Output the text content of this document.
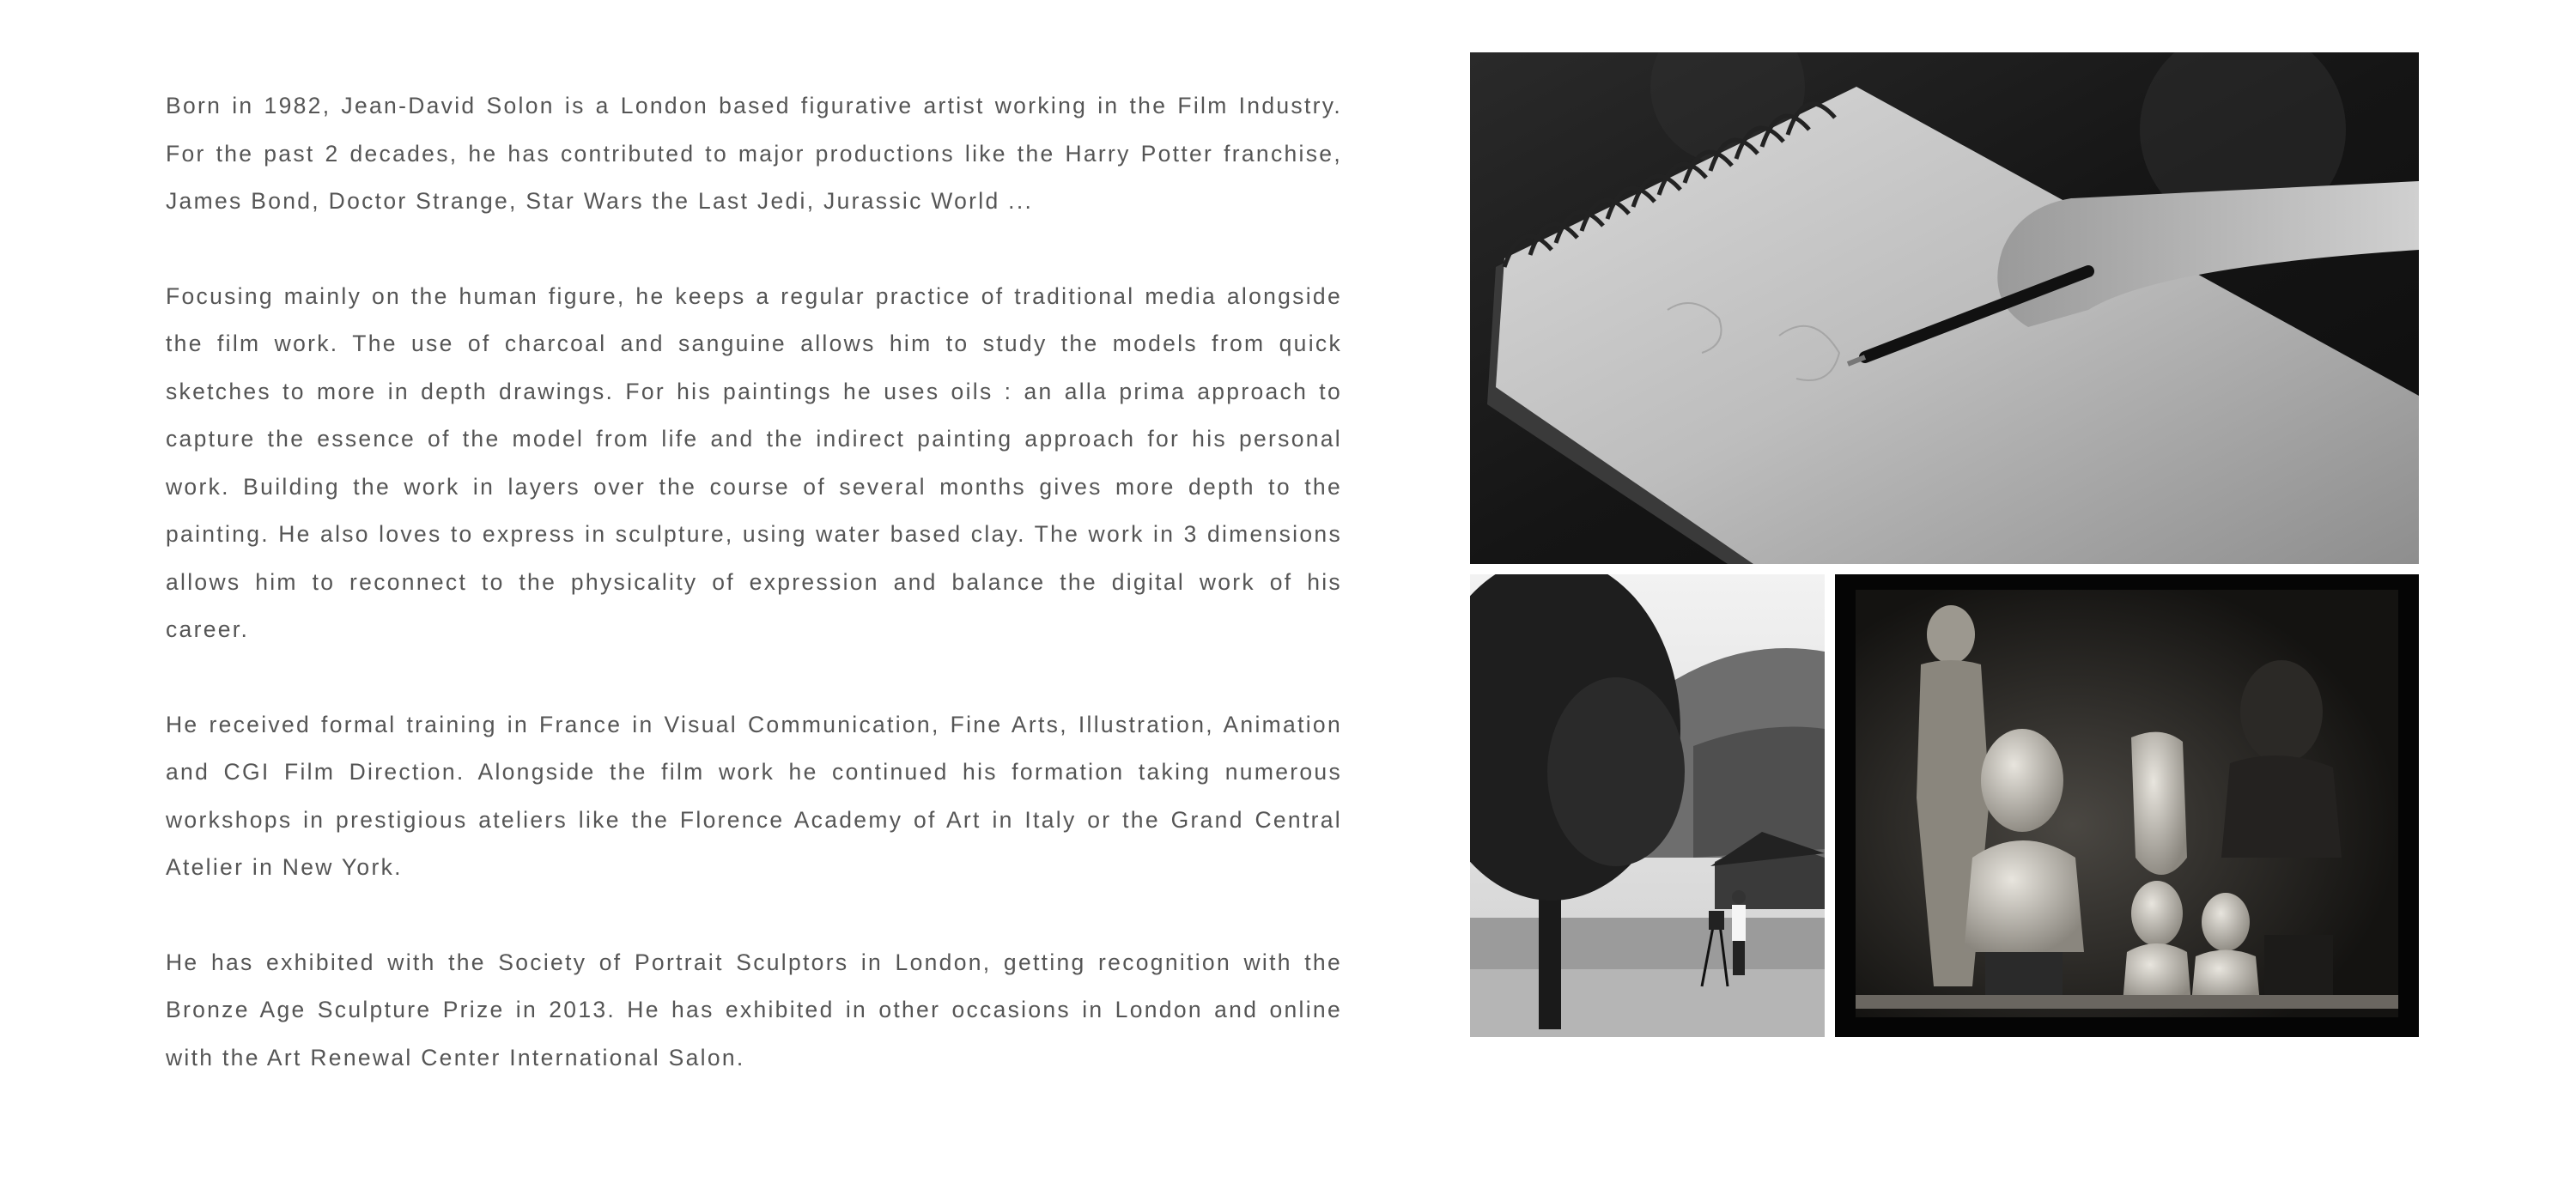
Born in 1982, Jean-David Solon is a London based figurative artist working in the Film Industry. For the past 2 decades, he has contributed to major productions like the Harry Potter franchise, James Bond, Doctor Strange, Star Wars the Last Jedi, Jurassic World ...

Focusing mainly on the human figure, he keeps a regular practice of traditional media alongside the film work. The use of charcoal and sanguine allows him to study the models from quick sketches to more in depth drawings. For his paintings he uses oils : an alla prima approach to capture the essence of the model from life and the indirect painting approach for his personal work. Building the work in layers over the course of several months gives more depth to the painting. He also loves to express in sculpture, using water based clay. The work in 3 dimensions allows him to reconnect to the physicality of expression and balance the digital work of his career.

He received formal training in France in Visual Communication, Fine Arts, Illustration, Animation and CGI Film Direction. Alongside the film work he continued his formation taking numerous workshops in prestigious ateliers like the Florence Academy of Art in Italy or the Grand Central Atelier in New York.

He has exhibited with the Society of Portrait Sculptors in London, getting recognition with the Bronze Age Sculpture Prize in 2013. He has exhibited in other occasions in London and online with the Art Renewal Center International Salon.
